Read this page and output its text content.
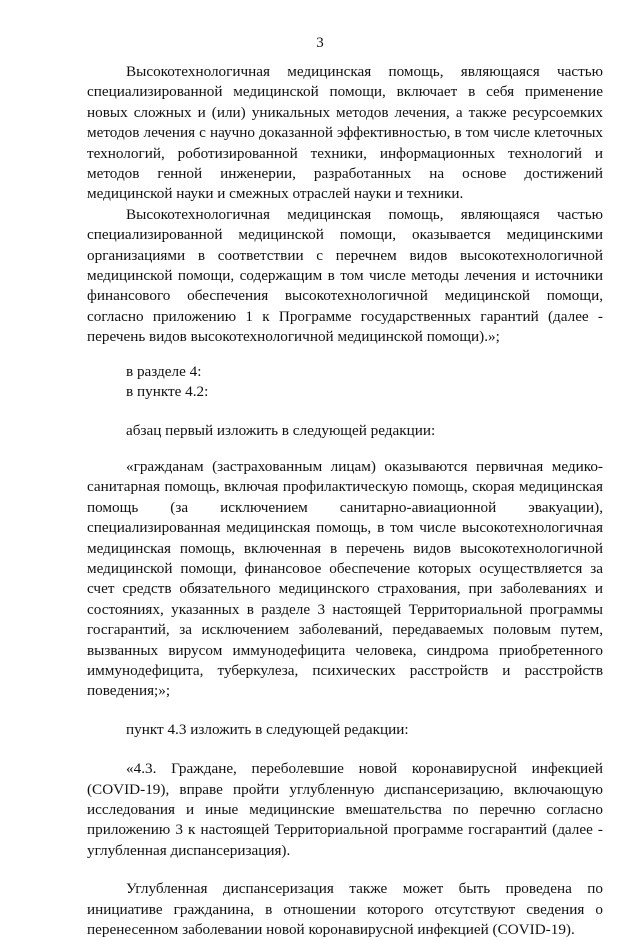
3

Высокотехнологичная медицинская помощь, являющаяся частью специализированной медицинской помощи, включает в себя применение новых сложных и (или) уникальных методов лечения, а также ресурсоемких методов лечения с научно доказанной эффективностью, в том числе клеточных технологий, роботизированной техники, информационных технологий и методов генной инженерии, разработанных на основе достижений медицинской науки и смежных отраслей науки и техники.

Высокотехнологичная медицинская помощь, являющаяся частью специализированной медицинской помощи, оказывается медицинскими организациями в соответствии с перечнем видов высокотехнологичной медицинской помощи, содержащим в том числе методы лечения и источники финансового обеспечения высокотехнологичной медицинской помощи, согласно приложению 1 к Программе государственных гарантий (далее - перечень видов высокотехнологичной медицинской помощи).»;

в разделе 4:

в пункте 4.2:

абзац первый изложить в следующей редакции:

«гражданам (застрахованным лицам) оказываются первичная медико-санитарная помощь, включая профилактическую помощь, скорая медицинская помощь (за исключением санитарно-авиационной эвакуации), специализированная медицинская помощь, в том числе высокотехнологичная медицинская помощь, включенная в перечень видов высокотехнологичной медицинской помощи, финансовое обеспечение которых осуществляется за счет средств обязательного медицинского страхования, при заболеваниях и состояниях, указанных в разделе 3 настоящей Территориальной программы госгарантий, за исключением заболеваний, передаваемых половым путем, вызванных вирусом иммунодефицита человека, синдрома приобретенного иммунодефицита, туберкулеза, психических расстройств и расстройств поведения;»;

пункт 4.3 изложить в следующей редакции:

«4.3. Граждане, переболевшие новой коронавирусной инфекцией (COVID-19), вправе пройти углубленную диспансеризацию, включающую исследования и иные медицинские вмешательства по перечню согласно приложению 3 к настоящей Территориальной программе госгарантий (далее - углубленная диспансеризация).

Углубленная диспансеризация также может быть проведена по инициативе гражданина, в отношении которого отсутствуют сведения о перенесенном заболевании новой коронавирусной инфекцией (COVID-19).
